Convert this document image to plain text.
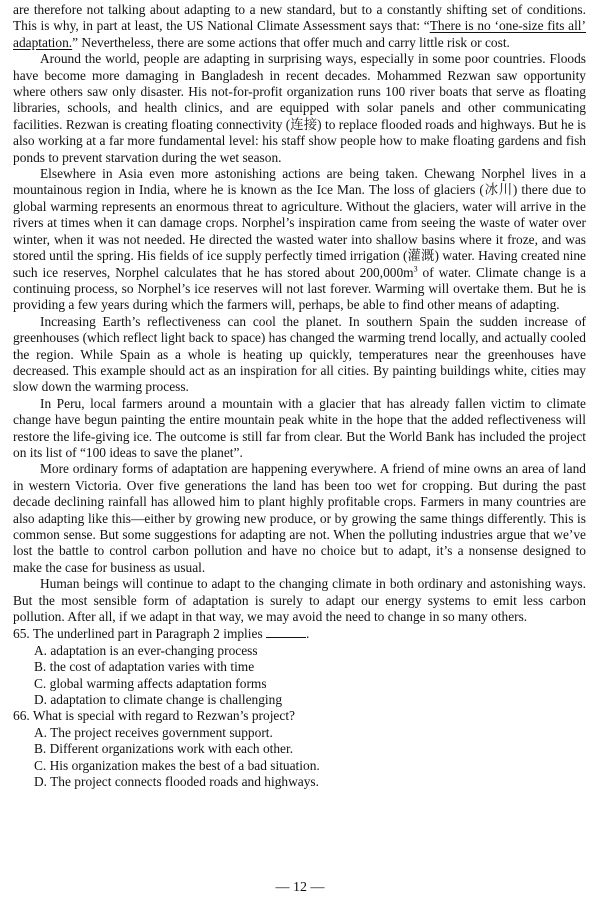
are therefore not talking about adapting to a new standard, but to a constantly shifting set of conditions. This is why, in part at least, the US National Climate Assessment says that: “There is no ‘one-size fits all’ adaptation.” Nevertheless, there are some actions that offer much and carry little risk or cost.

Around the world, people are adapting in surprising ways, especially in some poor countries. Floods have become more damaging in Bangladesh in recent decades. Mohammed Rezwan saw opportunity where others saw only disaster. His not-for-profit organization runs 100 river boats that serve as floating libraries, schools, and health clinics, and are equipped with solar panels and other communicating facilities. Rezwan is creating floating connectivity (连接) to replace flooded roads and highways. But he is also working at a far more fundamental level: his staff show people how to make floating gardens and fish ponds to prevent starvation during the wet season.

Elsewhere in Asia even more astonishing actions are being taken. Chewang Norphel lives in a mountainous region in India, where he is known as the Ice Man. The loss of glaciers (冰川) there due to global warming represents an enormous threat to agriculture. Without the glaciers, water will arrive in the rivers at times when it can damage crops. Norphel’s inspiration came from seeing the waste of water over winter, when it was not needed. He directed the wasted water into shallow basins where it froze, and was stored until the spring. His fields of ice supply perfectly timed irrigation (灌溉) water. Having created nine such ice reserves, Norphel calculates that he has stored about $200,000m^3$ of water. Climate change is a continuing process, so Norphel’s ice reserves will not last forever. Warming will overtake them. But he is providing a few years during which the farmers will, perhaps, be able to find other means of adapting.

Increasing Earth’s reflectiveness can cool the planet. In southern Spain the sudden increase of greenhouses (which reflect light back to space) has changed the warming trend locally, and actually cooled the region. While Spain as a whole is heating up quickly, temperatures near the greenhouses have decreased. This example should act as an inspiration for all cities. By painting buildings white, cities may slow down the warming process.

In Peru, local farmers around a mountain with a glacier that has already fallen victim to climate change have begun painting the entire mountain peak white in the hope that the added reflectiveness will restore the life-giving ice. The outcome is still far from clear. But the World Bank has included the project on its list of “100 ideas to save the planet”.

More ordinary forms of adaptation are happening everywhere. A friend of mine owns an area of land in western Victoria. Over five generations the land has been too wet for cropping. But during the past decade declining rainfall has allowed him to plant highly profitable crops. Farmers in many countries are also adapting like this—either by growing new produce, or by growing the same things differently. This is common sense. But some suggestions for adapting are not. When the polluting industries argue that we’ve lost the battle to control carbon pollution and have no choice but to adapt, it’s a nonsense designed to make the case for business as usual.

Human beings will continue to adapt to the changing climate in both ordinary and astonishing ways. But the most sensible form of adaptation is surely to adapt our energy systems to emit less carbon pollution. After all, if we adapt in that way, we may avoid the need to change in so many others.

65. The underlined part in Paragraph 2 implies	.

A. adaptation is an ever-changing process

B. the cost of adaptation varies with time

C. global warming affects adaptation forms

D. adaptation to climate change is challenging

66. What is special with regard to Rezwan’s project?

A. The project receives government support.

B. Different organizations work with each other.

C. His organization makes the best of a bad situation.

D. The project connects flooded roads and highways.

— 12 —
